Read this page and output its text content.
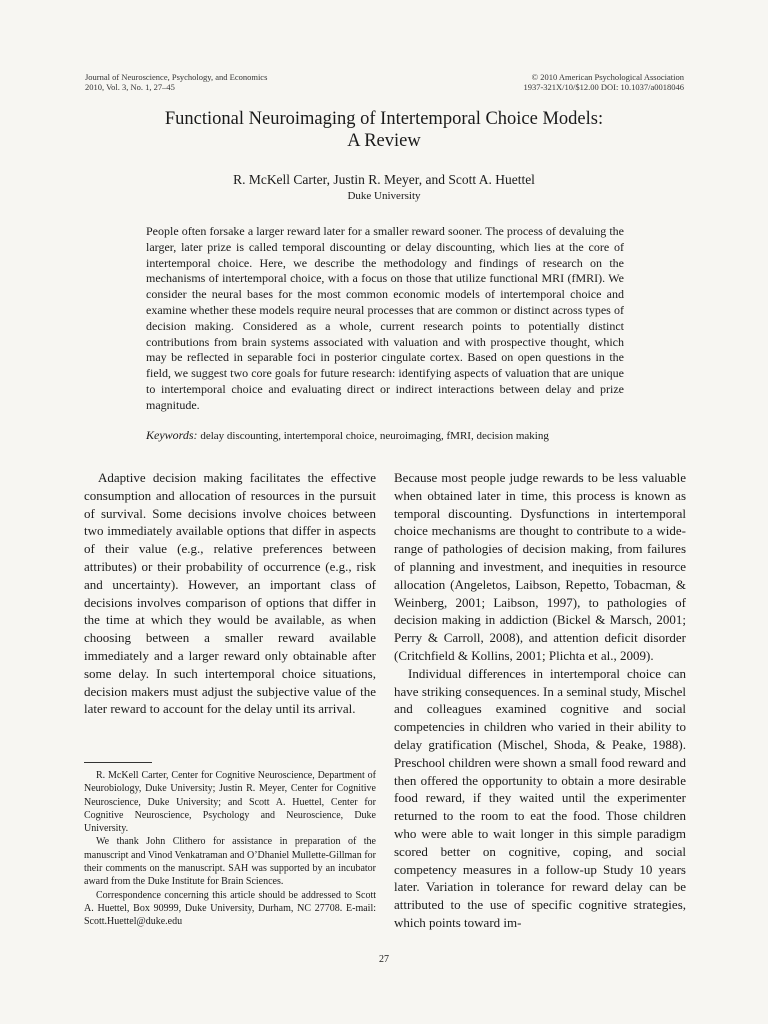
Journal of Neuroscience, Psychology, and Economics
2010, Vol. 3, No. 1, 27–45
© 2010 American Psychological Association
1937-321X/10/$12.00 DOI: 10.1037/a0018046
Functional Neuroimaging of Intertemporal Choice Models:
A Review
R. McKell Carter, Justin R. Meyer, and Scott A. Huettel
Duke University
People often forsake a larger reward later for a smaller reward sooner. The process of devaluing the larger, later prize is called temporal discounting or delay discounting, which lies at the core of intertemporal choice. Here, we describe the methodology and findings of research on the mechanisms of intertemporal choice, with a focus on those that utilize functional MRI (fMRI). We consider the neural bases for the most common economic models of intertemporal choice and examine whether these models require neural processes that are common or distinct across types of decision making. Considered as a whole, current research points to potentially distinct contributions from brain systems associated with valuation and with prospective thought, which may be reflected in separable foci in posterior cingulate cortex. Based on open questions in the field, we suggest two core goals for future research: identifying aspects of valuation that are unique to intertemporal choice and evaluating direct or indirect interactions between delay and prize magnitude.
Keywords: delay discounting, intertemporal choice, neuroimaging, fMRI, decision making

Adaptive decision making facilitates the effective consumption and allocation of resources in the pursuit of survival. Some decisions involve choices between two immediately available options that differ in aspects of their value (e.g., relative preferences between attributes) or their probability of occurrence (e.g., risk and uncertainty). However, an important class of decisions involves comparison of options that differ in the time at which they would be available, as when choosing between a smaller reward available immediately and a larger reward only obtainable after some delay. In such intertemporal choice situations, decision makers must adjust the subjective value of the later reward to account for the delay until its arrival.

Because most people judge rewards to be less valuable when obtained later in time, this process is known as temporal discounting. Dysfunctions in intertemporal choice mechanisms are thought to contribute to a wide-range of pathologies of decision making, from failures of planning and investment, and inequities in resource allocation (Angeletos, Laibson, Repetto, Tobacman, & Weinberg, 2001; Laibson, 1997), to pathologies of decision making in addiction (Bickel & Marsch, 2001; Perry & Carroll, 2008), and attention deficit disorder (Critchfield & Kollins, 2001; Plichta et al., 2009).

Individual differences in intertemporal choice can have striking consequences. In a seminal study, Mischel and colleagues examined cognitive and social competencies in children who varied in their ability to delay gratification (Mischel, Shoda, & Peake, 1988). Preschool children were shown a small food reward and then offered the opportunity to obtain a more desirable food reward, if they waited until the experimenter returned to the room to eat the food. Those children who were able to wait longer in this simple paradigm scored better on cognitive, coping, and social competency measures in a follow-up Study 10 years later. Variation in tolerance for reward delay can be attributed to the use of specific cognitive strategies, which points toward im-

R. McKell Carter, Center for Cognitive Neuroscience, Department of Neurobiology, Duke University; Justin R. Meyer, Center for Cognitive Neuroscience, Duke University; and Scott A. Huettel, Center for Cognitive Neuroscience, Psychology and Neuroscience, Duke University.

We thank John Clithero for assistance in preparation of the manuscript and Vinod Venkatraman and O’Dhaniel Mullette-Gillman for their comments on the manuscript. SAH was supported by an incubator award from the Duke Institute for Brain Sciences.

Correspondence concerning this article should be addressed to Scott A. Huettel, Box 90999, Duke University, Durham, NC 27708. E-mail: Scott.Huettel@duke.edu

27
